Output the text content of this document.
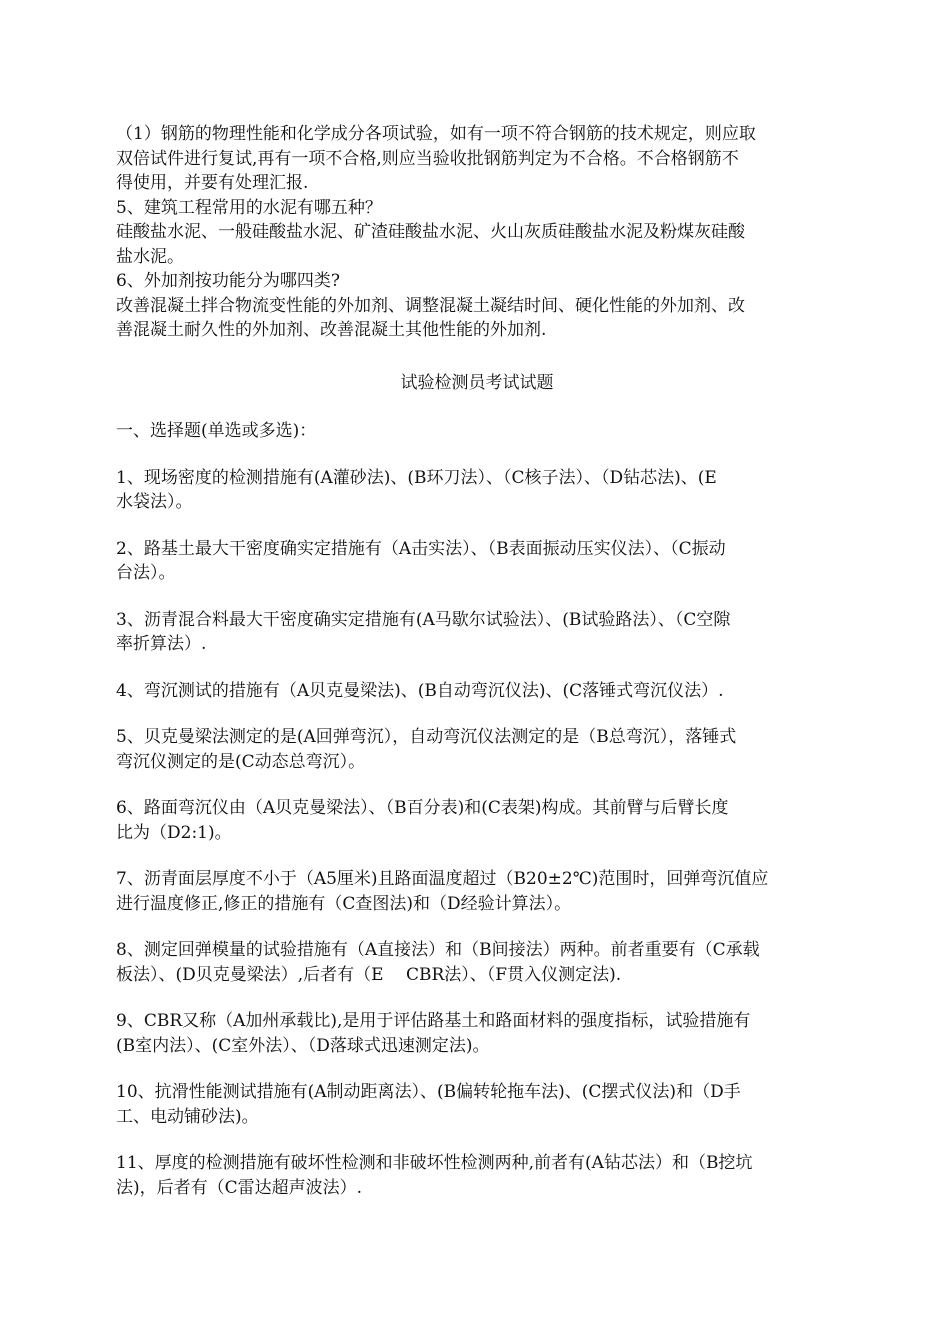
（1）钢筋的物理性能和化学成分各项试验，如有一项不符合钢筋的技术规定，则应取
双倍试件进行复试,再有一项不合格,则应当验收批钢筋判定为不合格。不合格钢筋不
得使用，并要有处理汇报.
5、建筑工程常用的水泥有哪五种？
硅酸盐水泥、一般硅酸盐水泥、矿渣硅酸盐水泥、火山灰质硅酸盐水泥及粉煤灰硅酸
盐水泥。
6、外加剂按功能分为哪四类?
改善混凝土拌合物流变性能的外加剂、调整混凝土凝结时间、硬化性能的外加剂、改
善混凝土耐久性的外加剂、改善混凝土其他性能的外加剂.
试验检测员考试试题
一、选择题(单选或多选)：
1、现场密度的检测措施有(A灌砂法)、(B环刀法）、（C核子法）、（D钻芯法)、(E
水袋法）。
2、路基土最大干密度确实定措施有（A击实法）、（B表面振动压实仪法）、（C振动
台法）。
3、沥青混合料最大干密度确实定措施有(A马歇尔试验法）、(B试验路法）、（C空隙
率折算法）.
4、弯沉测试的措施有（A贝克曼梁法)、(B自动弯沉仪法)、(C落锤式弯沉仪法）.
5、贝克曼梁法测定的是(A回弹弯沉），自动弯沉仪法测定的是（B总弯沉），落锤式
弯沉仪测定的是(C动态总弯沉）。
6、路面弯沉仪由（A贝克曼梁法）、（B百分表)和(C表架)构成。其前臂与后臂长度
比为（D2:1)。
7、沥青面层厚度不小于（A5厘米)且路面温度超过（B20±2℃)范围时，回弹弯沉值应
进行温度修正,修正的措施有（C查图法)和（D经验计算法）。
8、测定回弹模量的试验措施有（A直接法）和（B间接法）两种。前者重要有（C承载
板法）、(D贝克曼梁法）,后者有（E　 CBR法）、（F贯入仪测定法).
9、CBR又称（A加州承载比),是用于评估路基土和路面材料的强度指标，试验措施有
(B室内法）、(C室外法）、（D落球式迅速测定法)。
10、抗滑性能测试措施有(A制动距离法）、(B偏转轮拖车法)、(C摆式仪法)和（D手
工、电动铺砂法)。
11、厚度的检测措施有破坏性检测和非破坏性检测两种,前者有(A钻芯法）和（B挖坑
法)，后者有（C雷达超声波法）.
